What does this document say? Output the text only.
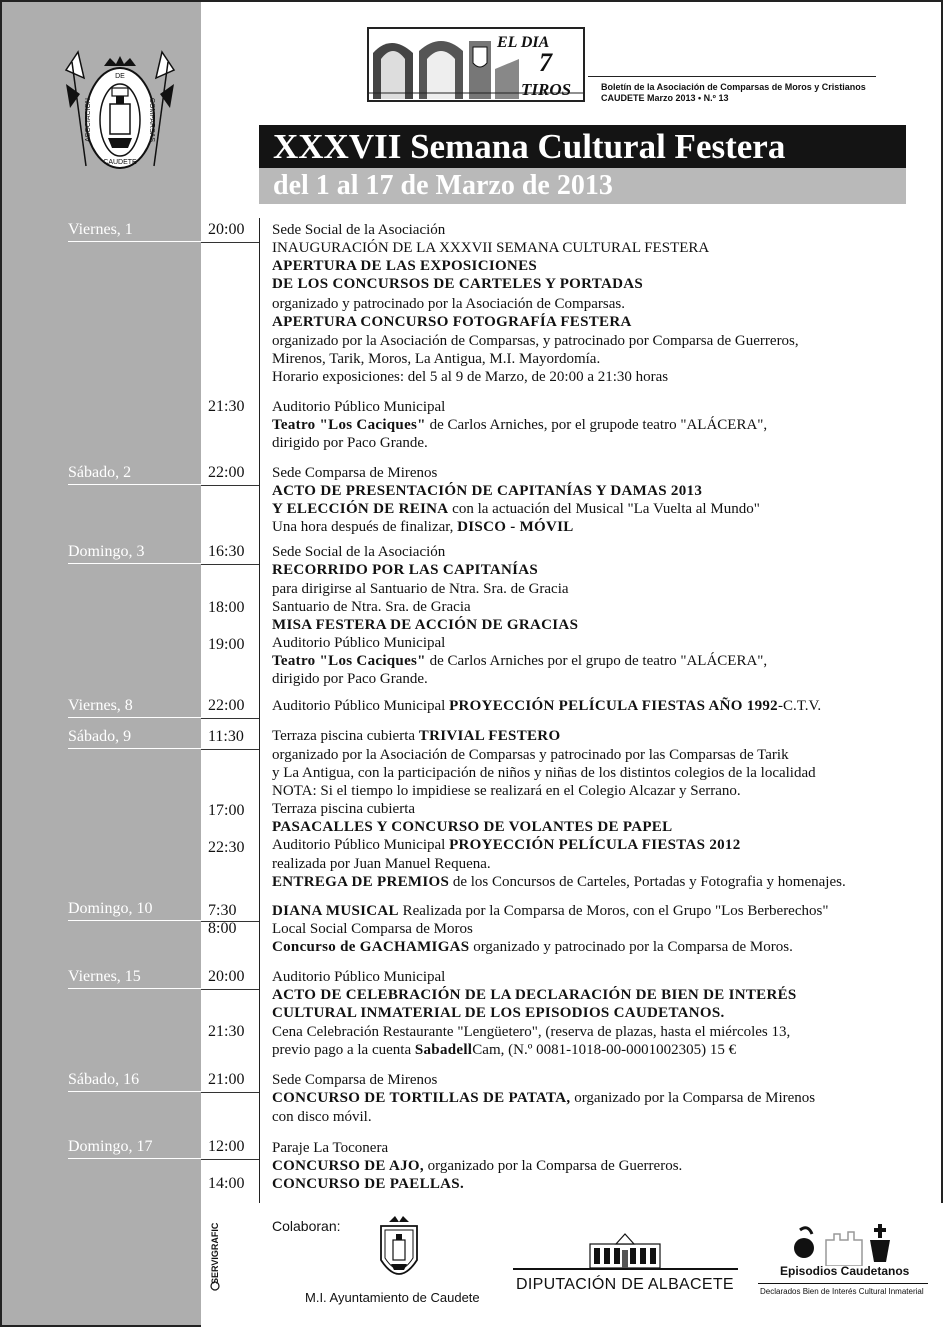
ASOCIACION
DE
COMPARSAS
CAUDETE
EL DIA
7
TIROS	Boletín de la Asociación de Comparsas de Moros y Cristianos
CAUDETE Marzo 2013 • N.º 13
XXXVII Semana Cultural Festera
del 1 al 17 de Marzo de 2013
Viernes, 1
Sábado, 2
Domingo, 3
Viernes, 8
Sábado, 9
Domingo, 10
Viernes, 15
Sábado, 16
Domingo, 17
20:00
21:30
22:00
16:30
18:00
19:00
22:00
11:30
17:00
22:30
7:30
8:00
20:00
21:30
21:00
12:00
14:00
Sede Social de la Asociación
INAUGURACIÓN DE LA XXXVII SEMANA CULTURAL FESTERA
APERTURA DE LAS EXPOSICIONES
DE LOS CONCURSOS DE CARTELES Y PORTADAS
organizado y patrocinado por la Asociación de Comparsas.
APERTURA CONCURSO FOTOGRAFÍA FESTERA
organizado por la Asociación de Comparsas, y patrocinado por Comparsa de Guerreros,
Mirenos, Tarik, Moros, La Antigua, M.I. Mayordomía.
Horario exposiciones: del 5 al 9 de Marzo, de 20:00 a 21:30 horas
Auditorio Público Municipal
Teatro "Los Caciques" de Carlos Arniches, por el grupode teatro "ALÁCERA",
dirigido por Paco Grande.
Sede Comparsa de Mirenos
ACTO DE PRESENTACIÓN DE CAPITANÍAS Y DAMAS 2013
Y ELECCIÓN DE REINA con la actuación del Musical "La Vuelta al Mundo"
Una hora después de finalizar, DISCO - MÓVIL
Sede Social de la Asociación
RECORRIDO POR LAS CAPITANÍAS
para dirigirse al Santuario de Ntra. Sra. de Gracia
Santuario de Ntra. Sra. de Gracia
MISA FESTERA DE ACCIÓN DE GRACIAS
Auditorio Público Municipal
Teatro "Los Caciques" de Carlos Arniches por el grupo de teatro "ALÁCERA",
dirigido por Paco Grande.
Auditorio Público Municipal PROYECCIÓN PELÍCULA FIESTAS AÑO 1992-C.T.V.
Terraza piscina cubierta TRIVIAL FESTERO
organizado por la Asociación de Comparsas y patrocinado por las Comparsas de Tarik
y La Antigua, con la participación de niños y niñas de los distintos colegios de la localidad
NOTA: Si el tiempo lo impidiese se realizará en el Colegio Alcazar y Serrano.
Terraza piscina cubierta
PASACALLES Y CONCURSO DE VOLANTES DE PAPEL
Auditorio Público Municipal PROYECCIÓN PELÍCULA FIESTAS 2012
realizada por Juan Manuel Requena.
ENTREGA DE PREMIOS de los Concursos de Carteles, Portadas y Fotografia y homenajes.
DIANA MUSICAL Realizada por la Comparsa de Moros, con el Grupo "Los Berberechos"
Local Social Comparsa de Moros
Concurso de GACHAMIGAS organizado y patrocinado por la Comparsa de Moros.
Auditorio Público Municipal
ACTO DE CELEBRACIÓN DE LA DECLARACIÓN DE BIEN DE INTERÉS
CULTURAL INMATERIAL DE LOS EPISODIOS CAUDETANOS.
Cena Celebración Restaurante "Lengüetero", (reserva de plazas, hasta el miércoles 13,
previo pago a la cuenta SabadellCam, (N.º 0081-1018-00-0001002305) 15 €
Sede Comparsa de Mirenos
CONCURSO DE TORTILLAS DE PATATA, organizado por la Comparsa de Mirenos
con disco móvil.
Paraje La Toconera
CONCURSO DE AJO, organizado por la Comparsa de Guerreros.
CONCURSO DE PAELLAS.
SERVIGRAFIC	Colaboran:
M.I. Ayuntamiento de Caudete
DIPUTACIÓN DE ALBACETE
Episodios Caudetanos
Declarados Bien de Interés Cultural Inmaterial
